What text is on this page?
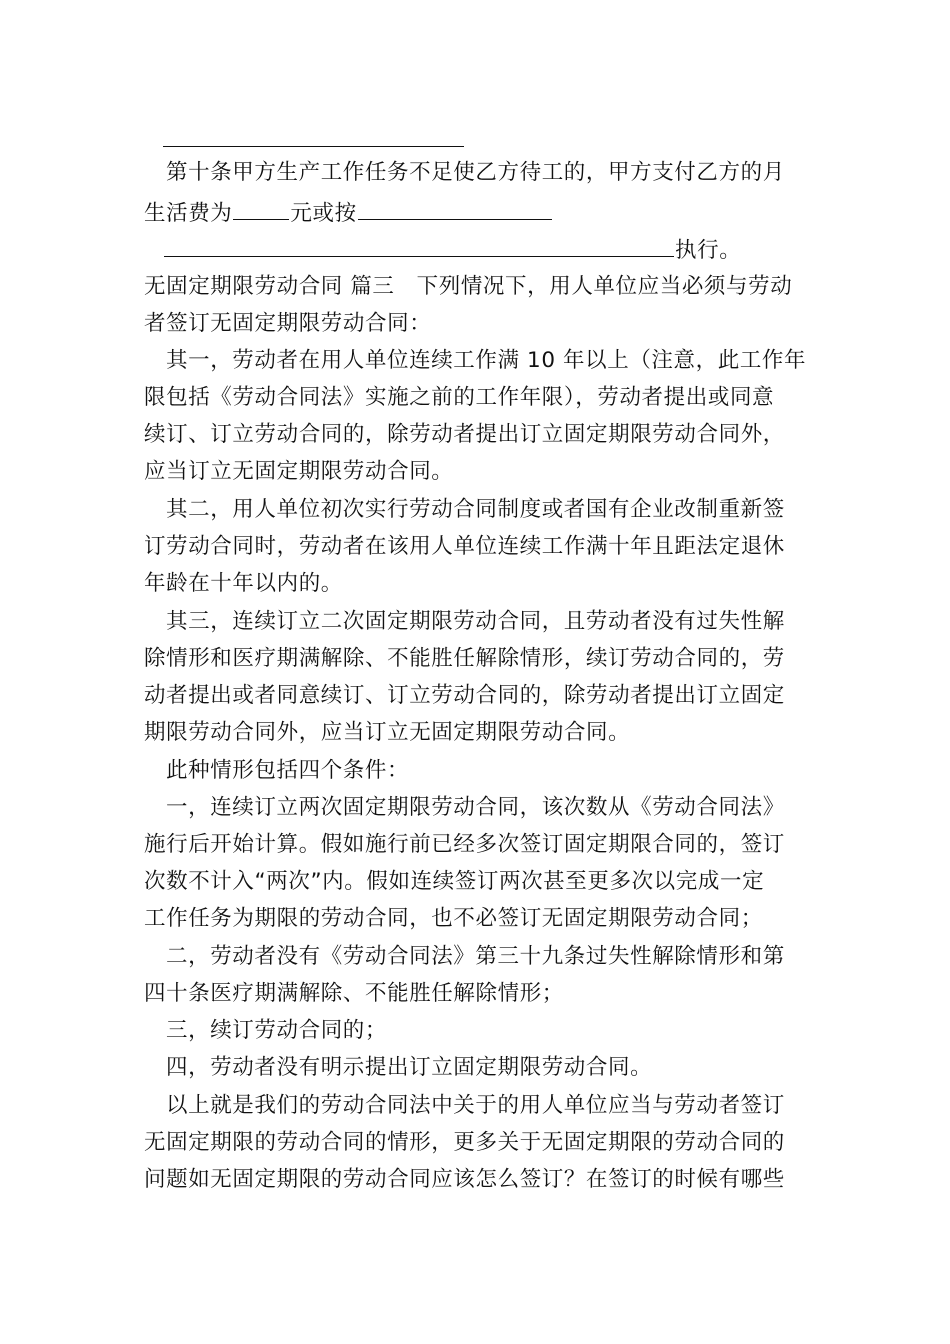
第十条甲方生产工作任务不足使乙方待工的，甲方支付乙方的月

生活费为	元或按

执行。

无固定期限劳动合同 篇三　下列情况下，用人单位应当必须与劳动

者签订无固定期限劳动合同：

其一，劳动者在用人单位连续工作满 10 年以上（注意，此工作年

限包括《劳动合同法》实施之前的工作年限），劳动者提出或同意

续订、订立劳动合同的，除劳动者提出订立固定期限劳动合同外，

应当订立无固定期限劳动合同。

其二，用人单位初次实行劳动合同制度或者国有企业改制重新签

订劳动合同时，劳动者在该用人单位连续工作满十年且距法定退休

年龄在十年以内的。

其三，连续订立二次固定期限劳动合同，且劳动者没有过失性解

除情形和医疗期满解除、不能胜任解除情形，续订劳动合同的，劳

动者提出或者同意续订、订立劳动合同的，除劳动者提出订立固定

期限劳动合同外，应当订立无固定期限劳动合同。

此种情形包括四个条件：

一，连续订立两次固定期限劳动合同，该次数从《劳动合同法》

施行后开始计算。假如施行前已经多次签订固定期限合同的，签订

次数不计入“两次”内。假如连续签订两次甚至更多次以完成一定

工作任务为期限的劳动合同，也不必签订无固定期限劳动合同；

二，劳动者没有《劳动合同法》第三十九条过失性解除情形和第

四十条医疗期满解除、不能胜任解除情形；

三，续订劳动合同的；

四，劳动者没有明示提出订立固定期限劳动合同。

以上就是我们的劳动合同法中关于的用人单位应当与劳动者签订

无固定期限的劳动合同的情形，更多关于无固定期限的劳动合同的

问题如无固定期限的劳动合同应该怎么签订？在签订的时候有哪些
